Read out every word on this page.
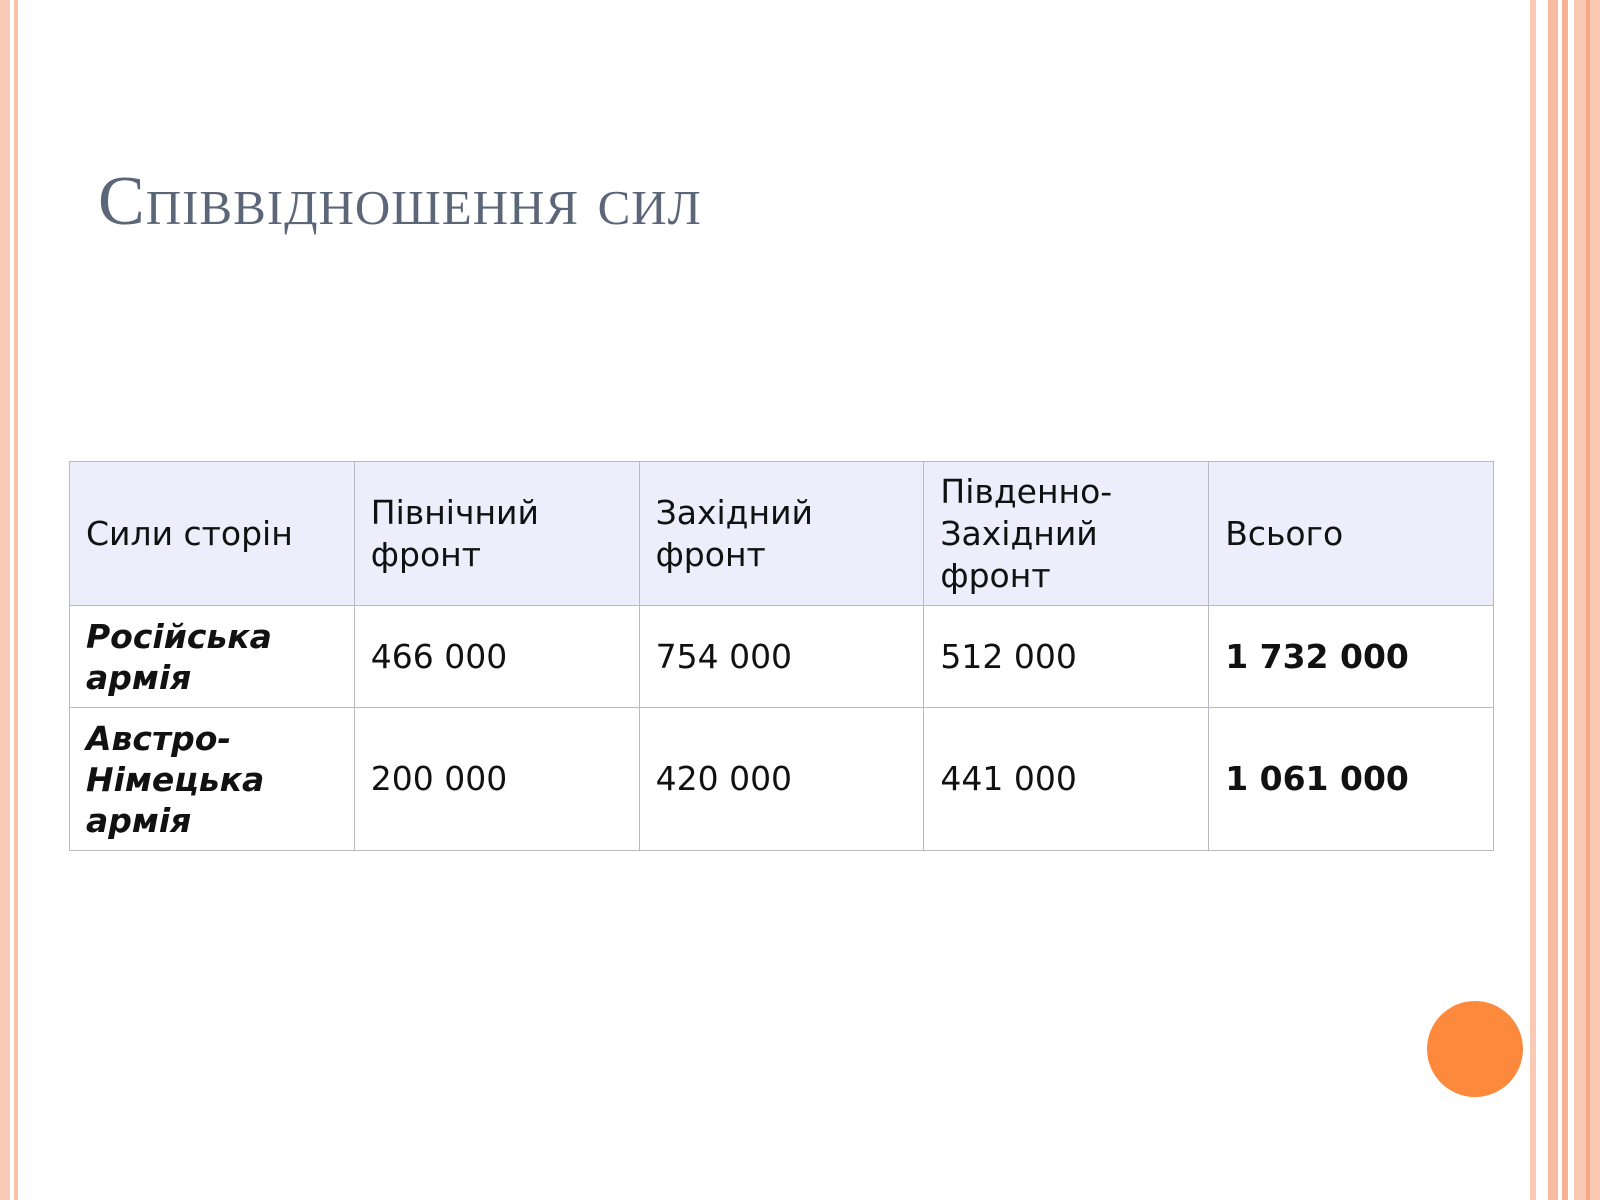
Співвідношення сил
Сили сторін	Північний фронт	Західний фронт	Південно-Західний фронт	Всього
Російська армія	466 000	754 000	512 000	1 732 000
Австро-Німецька армія	200 000	420 000	441 000	1 061 000
